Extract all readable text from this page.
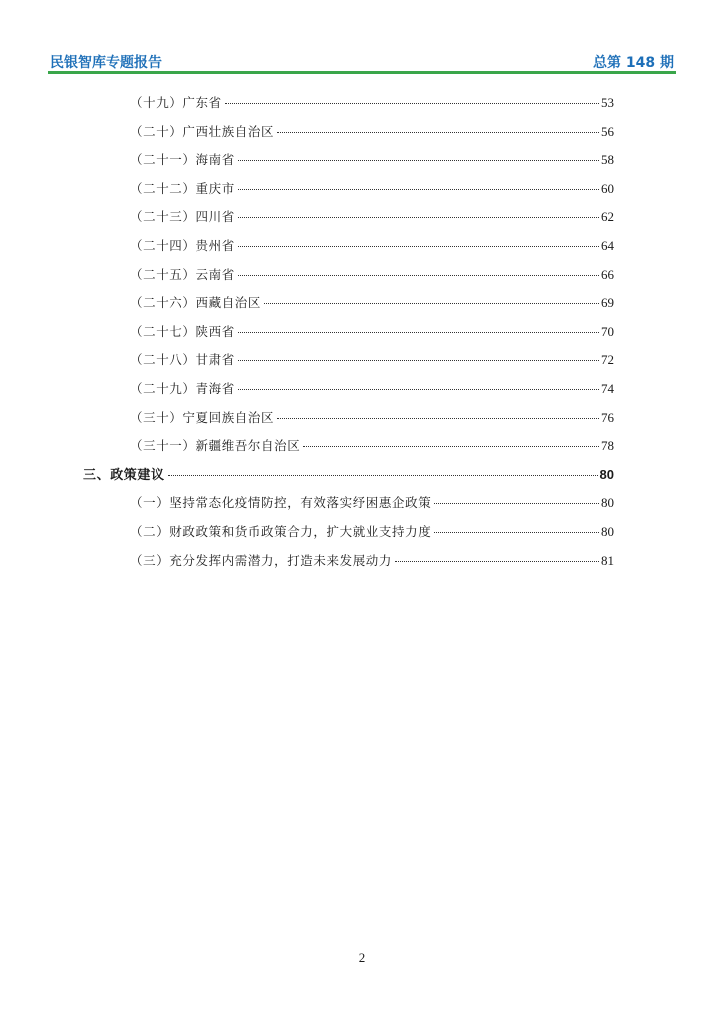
民银智库专题报告	总第 148 期
（十九）广东省	53
（二十）广西壮族自治区	56
（二十一）海南省	58
（二十二）重庆市	60
（二十三）四川省	62
（二十四）贵州省	64
（二十五）云南省	66
（二十六）西藏自治区	69
（二十七）陕西省	70
（二十八）甘肃省	72
（二十九）青海省	74
（三十）宁夏回族自治区	76
（三十一）新疆维吾尔自治区	78
三、政策建议	80
（一）坚持常态化疫情防控，有效落实纾困惠企政策	80
（二）财政政策和货币政策合力，扩大就业支持力度	80
（三）充分发挥内需潜力，打造未来发展动力	81
2
